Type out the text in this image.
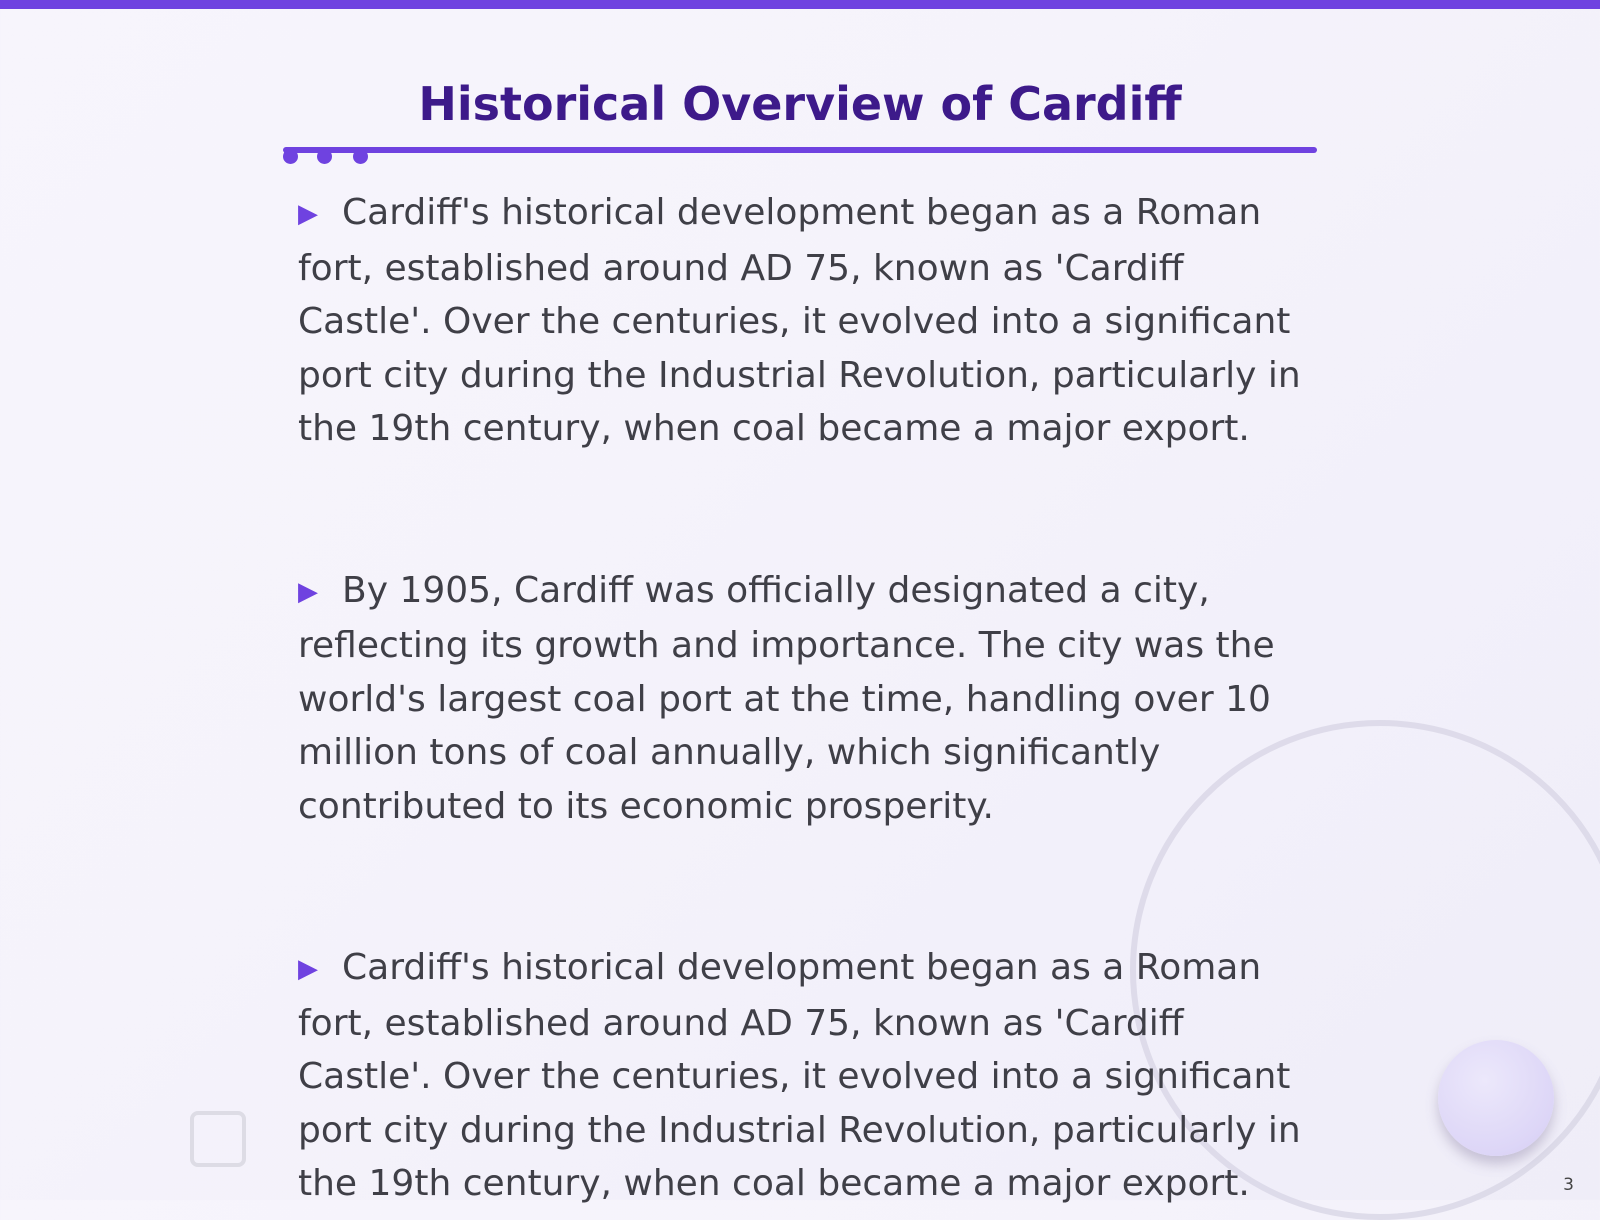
Historical Overview of Cardiff
▶ Cardiff's historical development began as a Roman fort, established around AD 75, known as 'Cardiff Castle'. Over the centuries, it evolved into a significant port city during the Industrial Revolution, particularly in the 19th century, when coal became a major export.
▶ By 1905, Cardiff was officially designated a city, reflecting its growth and importance. The city was the world's largest coal port at the time, handling over 10 million tons of coal annually, which significantly contributed to its economic prosperity.
▶ Cardiff's historical development began as a Roman fort, established around AD 75, known as 'Cardiff Castle'. Over the centuries, it evolved into a significant port city during the Industrial Revolution, particularly in the 19th century, when coal became a major export.	3
